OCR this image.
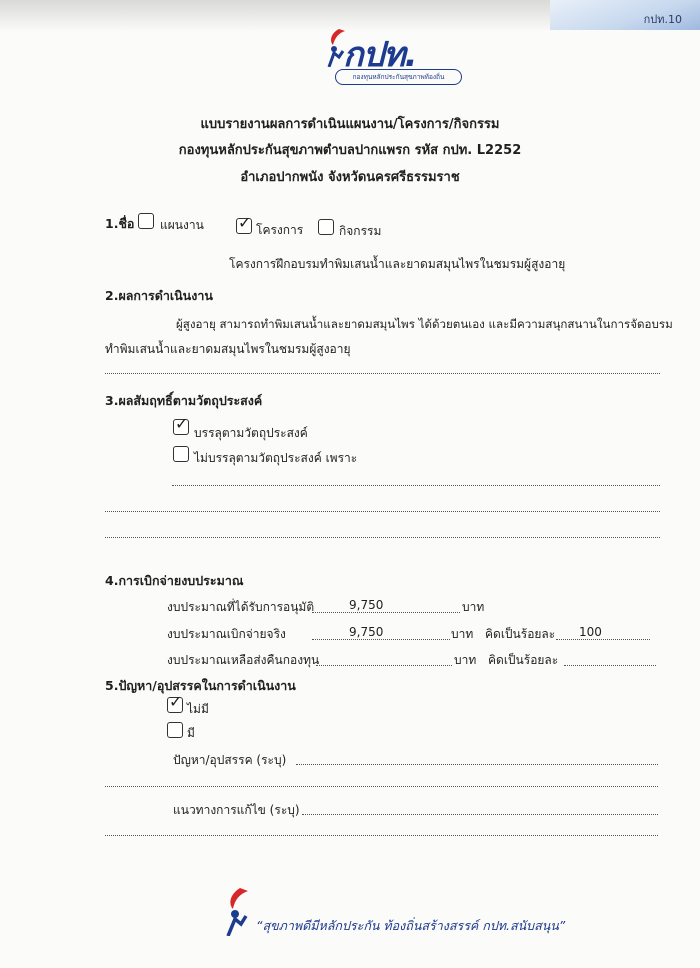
กปท.10
กปท.
กองทุนหลักประกันสุขภาพท้องถิ่น
แบบรายงานผลการดำเนินแผนงาน/โครงการ/กิจกรรม
กองทุนหลักประกันสุขภาพตำบลปากแพรก รหัส กปท. L2252
อำเภอปากพนัง จังหวัดนครศรีธรรมราช
1.ชื่อ แผนงาน ✓ โครงการ	กิจกรรม
โครงการฝึกอบรมทำพิมเสนน้ำและยาดมสมุนไพรในชมรมผู้สูงอายุ
2.ผลการดำเนินงาน
ผู้สูงอายุ สามารถทำพิมเสนน้ำและยาดมสมุนไพร ได้ด้วยตนเอง และมีความสนุกสนานในการจัดอบรม
ทำพิมเสนน้ำและยาดมสมุนไพรในชมรมผู้สูงอายุ
3.ผลสัมฤทธิ์ตามวัตถุประสงค์
✓ บรรลุตามวัตถุประสงค์
ไม่บรรลุตามวัตถุประสงค์ เพราะ
4.การเบิกจ่ายงบประมาณ
งบประมาณที่ได้รับการอนุมัติ	9,750	บาท
งบประมาณเบิกจ่ายจริง	9,750	บาท คิดเป็นร้อยละ 100
งบประมาณเหลือส่งคืนกองทุน	บาท คิดเป็นร้อยละ
5.ปัญหา/อุปสรรคในการดำเนินงาน
✓ ไม่มี
มี
ปัญหา/อุปสรรค (ระบุ)
แนวทางการแก้ไข (ระบุ)
“สุขภาพดีมีหลักประกัน ท้องถิ่นสร้างสรรค์ กปท.สนับสนุน”
